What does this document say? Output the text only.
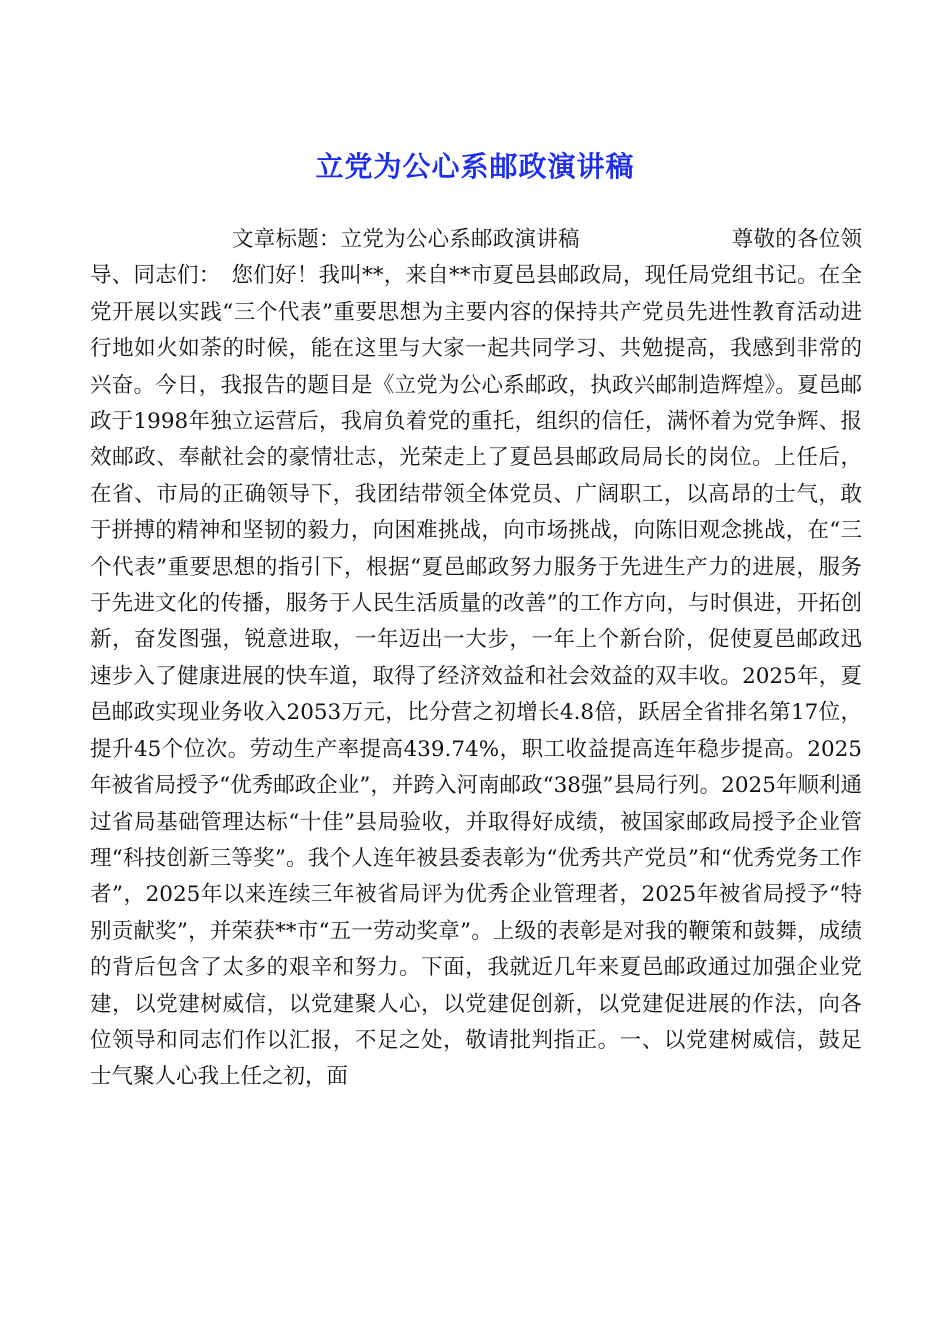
立党为公心系邮政演讲稿

文章标题：立党为公心系邮政演讲稿　　　　　　　尊敬的各位领导、同志们：　您们好！我叫**，来自**市夏邑县邮政局，现任局党组书记。在全党开展以实践“三个代表”重要思想为主要内容的保持共产党员先进性教育活动进行地如火如荼的时候，能在这里与大家一起共同学习、共勉提高，我感到非常的兴奋。今日，我报告的题目是《立党为公心系邮政，执政兴邮制造辉煌》。夏邑邮政于1998年独立运营后，我肩负着党的重托，组织的信任，满怀着为党争辉、报效邮政、奉献社会的豪情壮志，光荣走上了夏邑县邮政局局长的岗位。上任后，在省、市局的正确领导下，我团结带领全体党员、广阔职工，以高昂的士气，敢于拼搏的精神和坚韧的毅力，向困难挑战，向市场挑战，向陈旧观念挑战，在“三个代表”重要思想的指引下，根据“夏邑邮政努力服务于先进生产力的进展，服务于先进文化的传播，服务于人民生活质量的改善”的工作方向，与时俱进，开拓创新，奋发图强，锐意进取，一年迈出一大步，一年上个新台阶，促使夏邑邮政迅速步入了健康进展的快车道，取得了经济效益和社会效益的双丰收。2025年，夏邑邮政实现业务收入2053万元，比分营之初增长4.8倍，跃居全省排名第17位，提升45个位次。劳动生产率提高439.74%，职工收益提高连年稳步提高。2025年被省局授予“优秀邮政企业”，并跨入河南邮政“38强”县局行列。2025年顺利通过省局基础管理达标“十佳”县局验收，并取得好成绩，被国家邮政局授予企业管理“科技创新三等奖”。我个人连年被县委表彰为“优秀共产党员”和“优秀党务工作者”，2025年以来连续三年被省局评为优秀企业管理者，2025年被省局授予“特别贡献奖”，并荣获**市“五一劳动奖章”。上级的表彰是对我的鞭策和鼓舞，成绩的背后包含了太多的艰辛和努力。下面，我就近几年来夏邑邮政通过加强企业党建，以党建树威信，以党建聚人心，以党建促创新，以党建促进展的作法，向各位领导和同志们作以汇报，不足之处，敬请批判指正。一、以党建树威信，鼓足士气聚人心我上任之初，面
